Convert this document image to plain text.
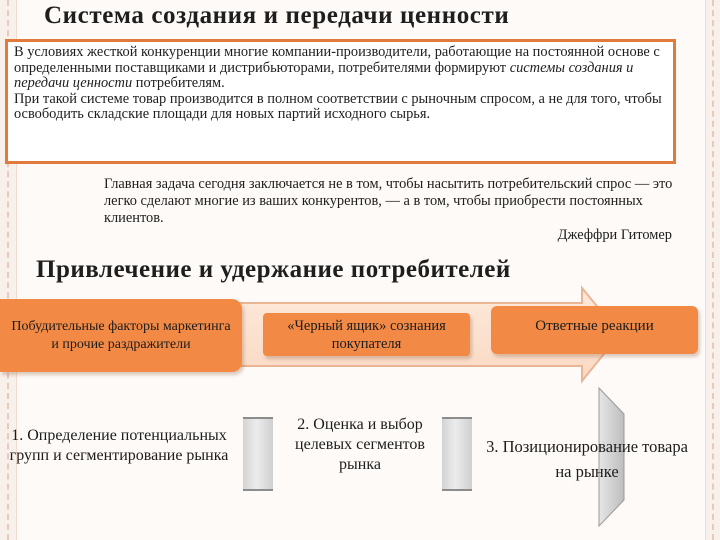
Система создания и передачи ценности

В условиях жесткой конкуренции многие компании-производители, работающие на постоянной основе с определенными поставщиками и дистрибьюторами, потребителями формируют системы создания и передачи ценности потребителям.

При такой системе товар производится в полном соответствии с рыночным спросом, а не для того, чтобы освободить складские площади для новых партий исходного сырья.

Главная задача сегодня заключается не в том, чтобы насытить потребительский спрос — это легко сделают многие из ваших конкурентов, — а в том, чтобы приобрести постоянных клиентов.
Джеффри Гитомер
Привлечение и удержание потребителей
Побудительные факторы маркетинга и прочие раздражители
«Черный ящик» сознания покупателя
Ответные реакции
1. Определение потенциальных групп и сегментирование рынка
2. Оценка и выбор целевых сегментов рынка
3. Позиционирование товара на рынке
